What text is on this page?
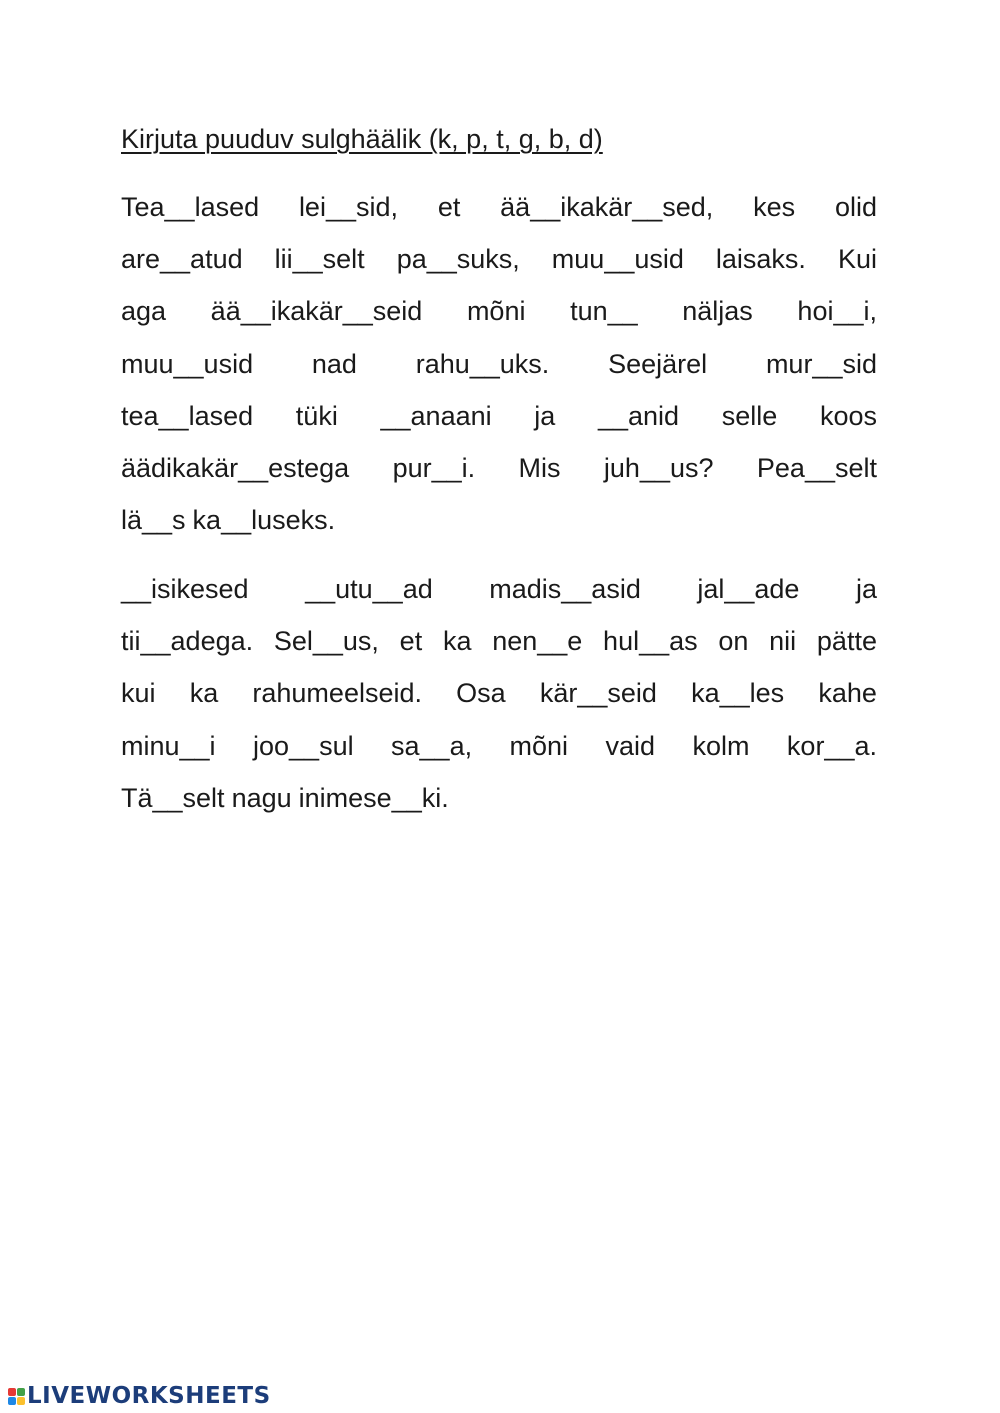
Kirjuta puuduv sulghäälik (k, p, t, g, b, d)
Tea__lased lei__sid, et ää__ikakär__sed, kes olid
are__atud lii__selt pa__suks, muu__usid laisaks. Kui
aga ää__ikakär__seid mõni tun__ näljas hoi__i,
muu__usid nad rahu__uks. Seejärel mur__sid
tea__lased tüki __anaani ja __anid selle koos
äädikakär__estega pur__i. Mis juh__us? Pea__selt
lä__s ka__luseks.
__isikesed __utu__ad madis__asid jal__ade ja
tii__adega. Sel__us, et ka nen__e hul__as on nii pätte
kui ka rahumeelseid. Osa kär__seid ka__les kahe
minu__i joo__sul sa__a, mõni vaid kolm kor__a.
Tä__selt nagu inimese__ki.
LIVEWORKSHEETS
